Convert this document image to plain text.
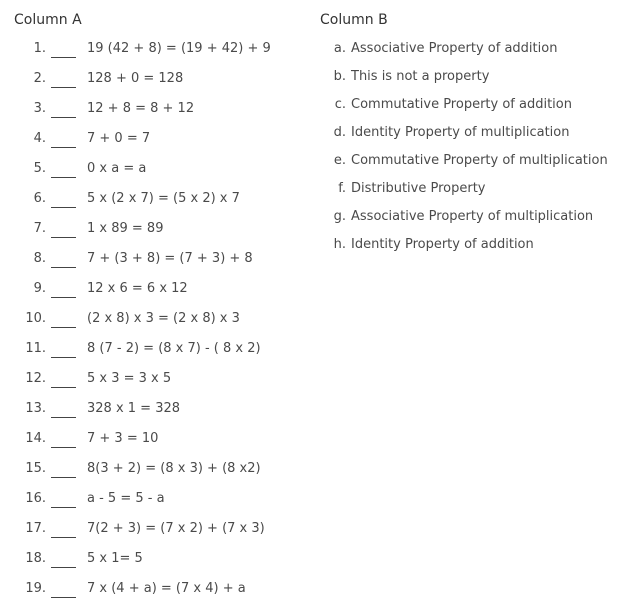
Column A	Column B
1.	19 (42 + 8) = (19 + 42) + 9
2.	128 + 0 = 128
3.	12 + 8 = 8 + 12
4.	7 + 0 = 7
5.	0 x a = a
6.	5 x (2 x 7) = (5 x 2) x 7
7.	1 x 89 = 89
8.	7 + (3 + 8) = (7 + 3) + 8
9.	12 x 6 = 6 x 12
10.	(2 x 8) x 3 = (2 x 8) x 3
11.	8 (7 - 2) = (8 x 7) - ( 8 x 2)
12.	5 x 3 = 3 x 5
13.	328 x 1 = 328
14.	7 + 3 = 10
15.	8(3 + 2) = (8 x 3) + (8 x2)
16.	a - 5 = 5 - a
17.	7(2 + 3) = (7 x 2) + (7 x 3)
18.	5 x 1= 5
19.	7 x (4 + a) = (7 x 4) + a
a. Associative Property of addition
b. This is not a property
c. Commutative Property of addition
d. Identity Property of multiplication
e. Commutative Property of multiplication
f. Distributive Property
g. Associative Property of multiplication
h. Identity Property of addition
